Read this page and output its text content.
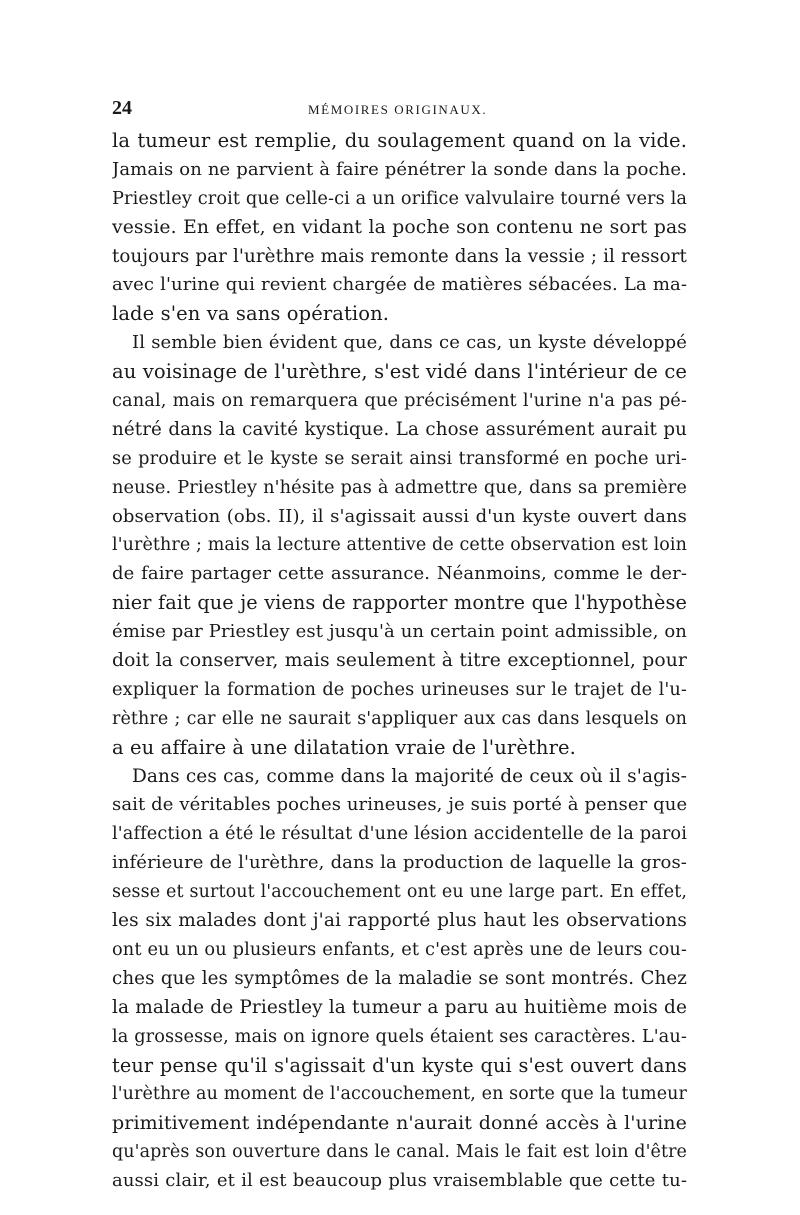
24	MÉMOIRES ORIGINAUX.
la tumeur est remplie, du soulagement quand on la vide.
Jamais on ne parvient à faire pénétrer la sonde dans la poche.
Priestley croit que celle-ci a un orifice valvulaire tourné vers la
vessie. En effet, en vidant la poche son contenu ne sort pas
toujours par l'urèthre mais remonte dans la vessie ; il ressort
avec l'urine qui revient chargée de matières sébacées. La ma-
lade s'en va sans opération.
Il semble bien évident que, dans ce cas, un kyste développé
au voisinage de l'urèthre, s'est vidé dans l'intérieur de ce
canal, mais on remarquera que précisément l'urine n'a pas pé-
nétré dans la cavité kystique. La chose assurément aurait pu
se produire et le kyste se serait ainsi transformé en poche uri-
neuse. Priestley n'hésite pas à admettre que, dans sa première
observation (obs. II), il s'agissait aussi d'un kyste ouvert dans
l'urèthre ; mais la lecture attentive de cette observation est loin
de faire partager cette assurance. Néanmoins, comme le der-
nier fait que je viens de rapporter montre que l'hypothèse
émise par Priestley est jusqu'à un certain point admissible, on
doit la conserver, mais seulement à titre exceptionnel, pour
expliquer la formation de poches urineuses sur le trajet de l'u-
rèthre ; car elle ne saurait s'appliquer aux cas dans lesquels on
a eu affaire à une dilatation vraie de l'urèthre.
Dans ces cas, comme dans la majorité de ceux où il s'agis-
sait de véritables poches urineuses, je suis porté à penser que
l'affection a été le résultat d'une lésion accidentelle de la paroi
inférieure de l'urèthre, dans la production de laquelle la gros-
sesse et surtout l'accouchement ont eu une large part. En effet,
les six malades dont j'ai rapporté plus haut les observations
ont eu un ou plusieurs enfants, et c'est après une de leurs cou-
ches que les symptômes de la maladie se sont montrés. Chez
la malade de Priestley la tumeur a paru au huitième mois de
la grossesse, mais on ignore quels étaient ses caractères. L'au-
teur pense qu'il s'agissait d'un kyste qui s'est ouvert dans
l'urèthre au moment de l'accouchement, en sorte que la tumeur
primitivement indépendante n'aurait donné accès à l'urine
qu'après son ouverture dans le canal. Mais le fait est loin d'être
aussi clair, et il est beaucoup plus vraisemblable que cette tu-
